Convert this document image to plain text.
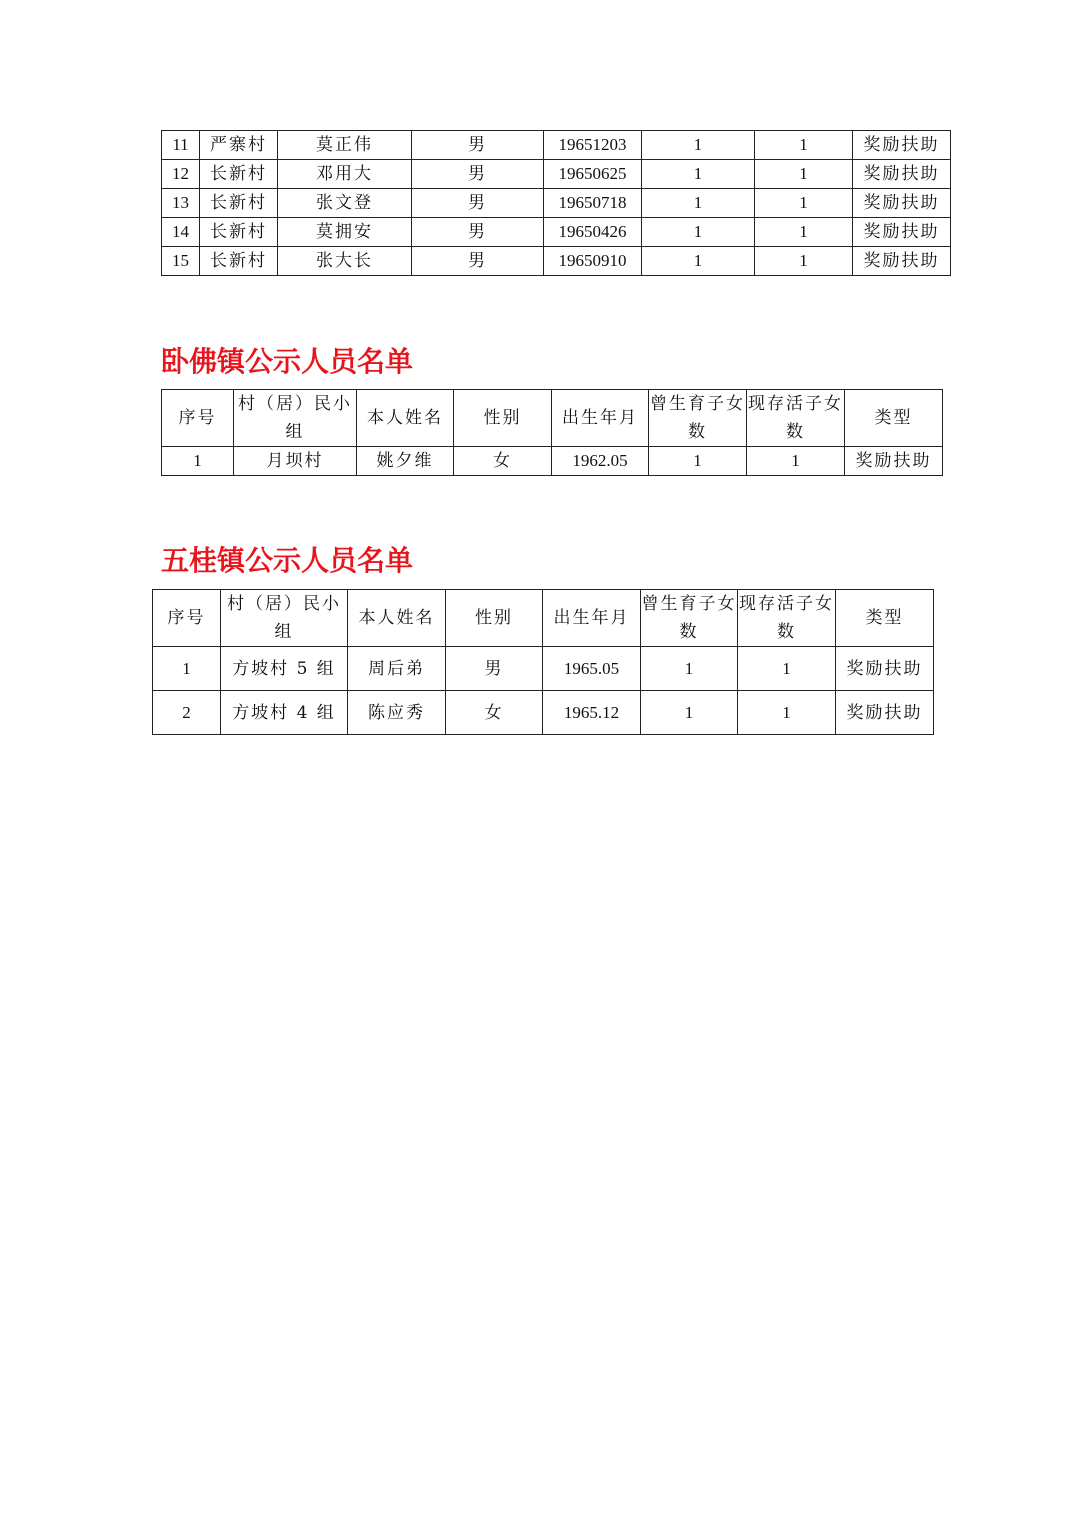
11	严寨村	莫正伟	男	19651203	1	1	奖励扶助
12	长新村	邓用大	男	19650625	1	1	奖励扶助
13	长新村	张文登	男	19650718	1	1	奖励扶助
14	长新村	莫拥安	男	19650426	1	1	奖励扶助
15	长新村	张大长	男	19650910	1	1	奖励扶助
卧佛镇公示人员名单
序号	村（居）民小组	本人姓名	性别	出生年月	曾生育子女数	现存活子女数	类型
1	月坝村	姚夕维	女	1962.05	1	1	奖励扶助
五桂镇公示人员名单
序号	村（居）民小组	本人姓名	性别	出生年月	曾生育子女数	现存活子女数	类型
1	方坡村 5 组	周后弟	男	1965.05	1	1	奖励扶助
2	方坡村 4 组	陈应秀	女	1965.12	1	1	奖励扶助
